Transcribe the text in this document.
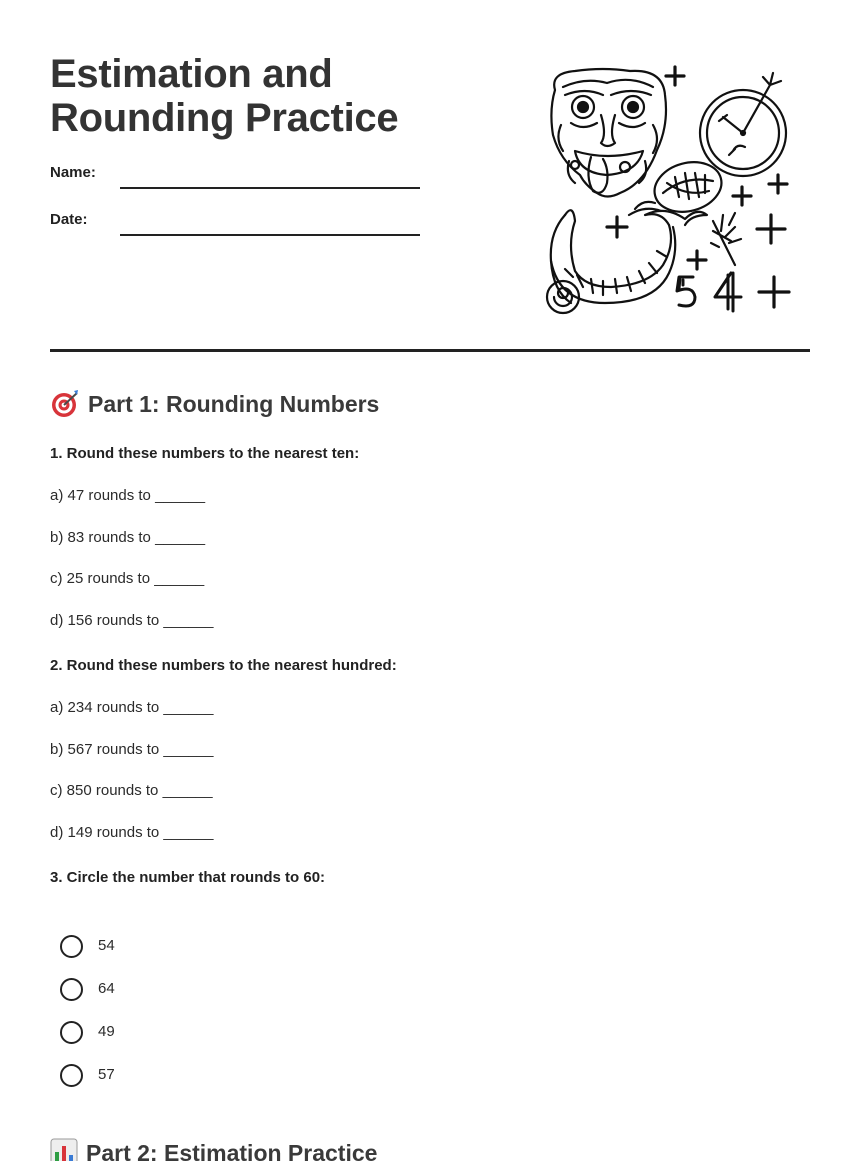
Estimation and
Rounding Practice
Name:
Date:
Part 1: Rounding Numbers
1. Round these numbers to the nearest ten:
a) 47 rounds to ______
b) 83 rounds to ______
c) 25 rounds to ______
d) 156 rounds to ______
2. Round these numbers to the nearest hundred:
a) 234 rounds to ______
b) 567 rounds to ______
c) 850 rounds to ______
d) 149 rounds to ______
3. Circle the number that rounds to 60:
54
64
49
57
Part 2: Estimation Practice
